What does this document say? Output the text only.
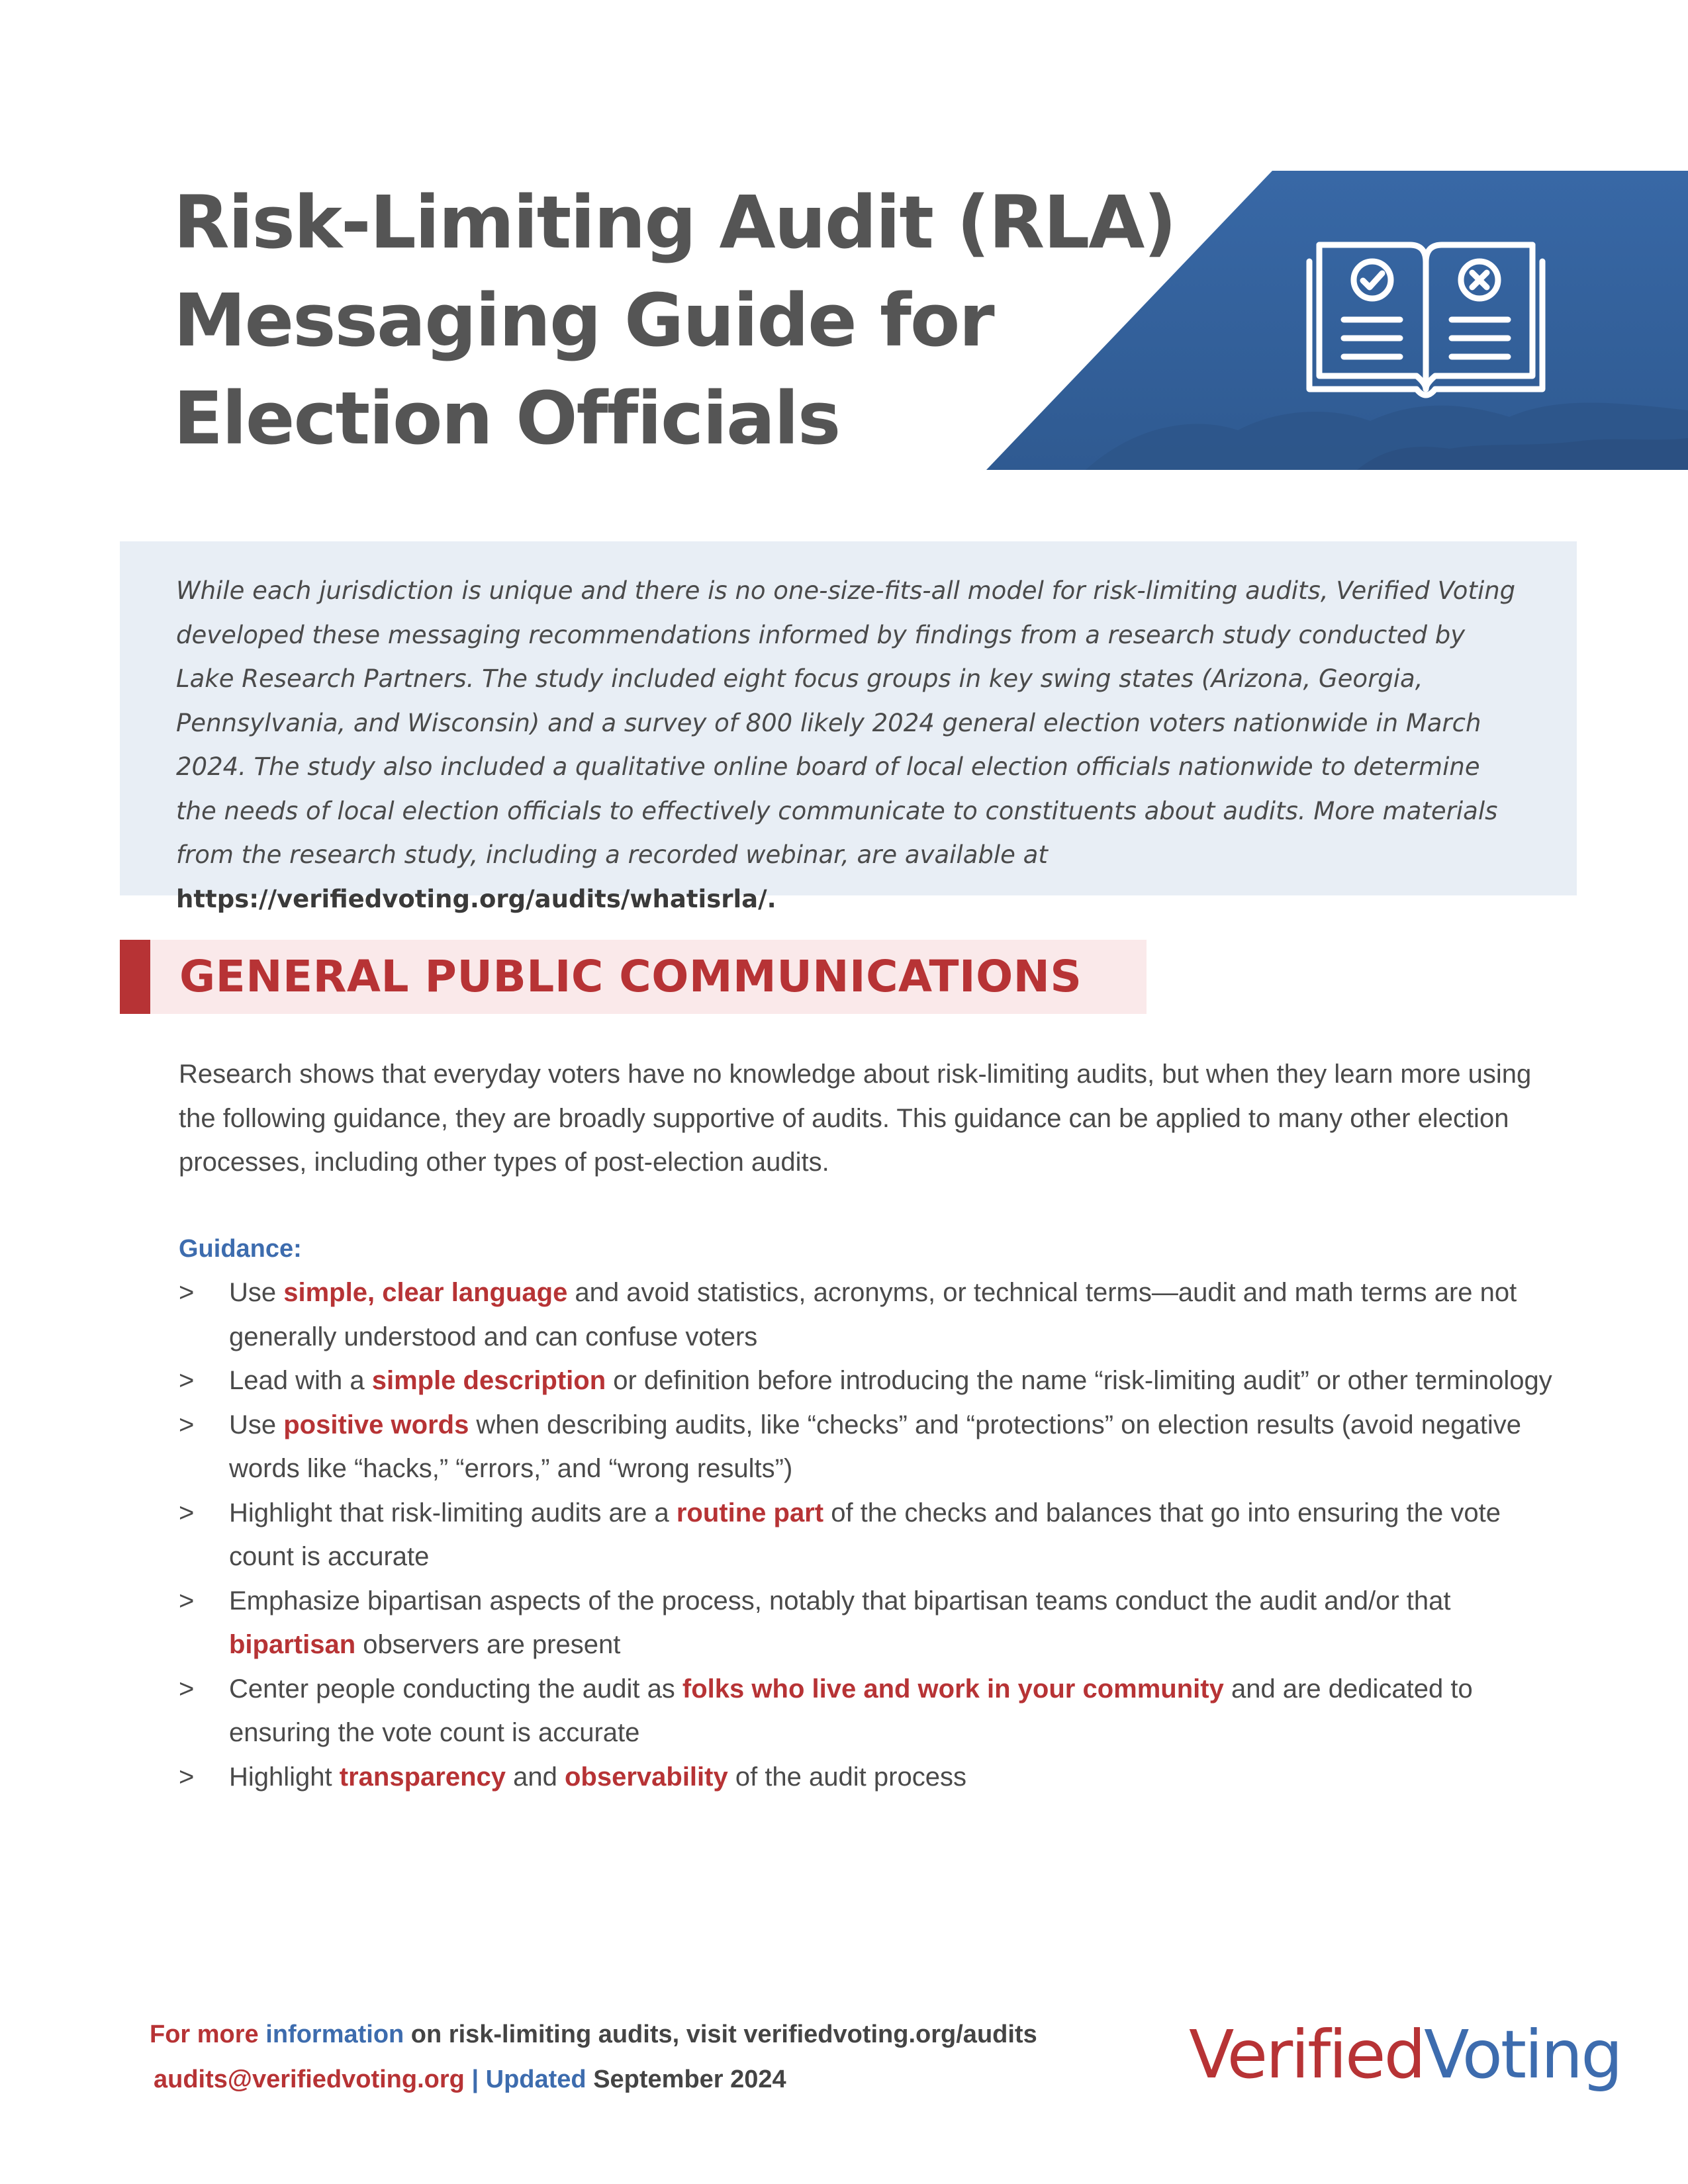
Risk-Limiting Audit (RLA)
Messaging Guide for
Election Officials
While each jurisdiction is unique and there is no one-size-fits-all model for risk-limiting audits, Verified Voting developed these messaging recommendations informed by findings from a research study conducted by Lake Research Partners. The study included eight focus groups in key swing states (Arizona, Georgia, Pennsylvania, and Wisconsin) and a survey of 800 likely 2024 general election voters nationwide in March 2024. The study also included a qualitative online board of local election officials nationwide to determine the needs of local election officials to effectively communicate to constituents about audits. More materials from the research study, including a recorded webinar, are available at https://verifiedvoting.org/audits/whatisrla/.
GENERAL PUBLIC COMMUNICATIONS

Research shows that everyday voters have no knowledge about risk-limiting audits, but when they learn more using the following guidance, they are broadly supportive of audits. This guidance can be applied to many other election processes, including other types of post-election audits.

Guidance:

> Use simple, clear language and avoid statistics, acronyms, or technical terms—audit and math terms are not generally understood and can confuse voters
> Lead with a simple description or definition before introducing the name “risk-limiting audit” or other terminology
> Use positive words when describing audits, like “checks” and “protections” on election results (avoid negative words like “hacks,” “errors,” and “wrong results”)
> Highlight that risk-limiting audits are a routine part of the checks and balances that go into ensuring the vote count is accurate
> Emphasize bipartisan aspects of the process, notably that bipartisan teams conduct the audit and/or that bipartisan observers are present
> Center people conducting the audit as folks who live and work in your community and are dedicated to ensuring the vote count is accurate
> Highlight transparency and observability of the audit process

For more information on risk-limiting audits, visit verifiedvoting.org/audits

audits@verifiedvoting.org | Updated September 2024	VerifiedVoting
